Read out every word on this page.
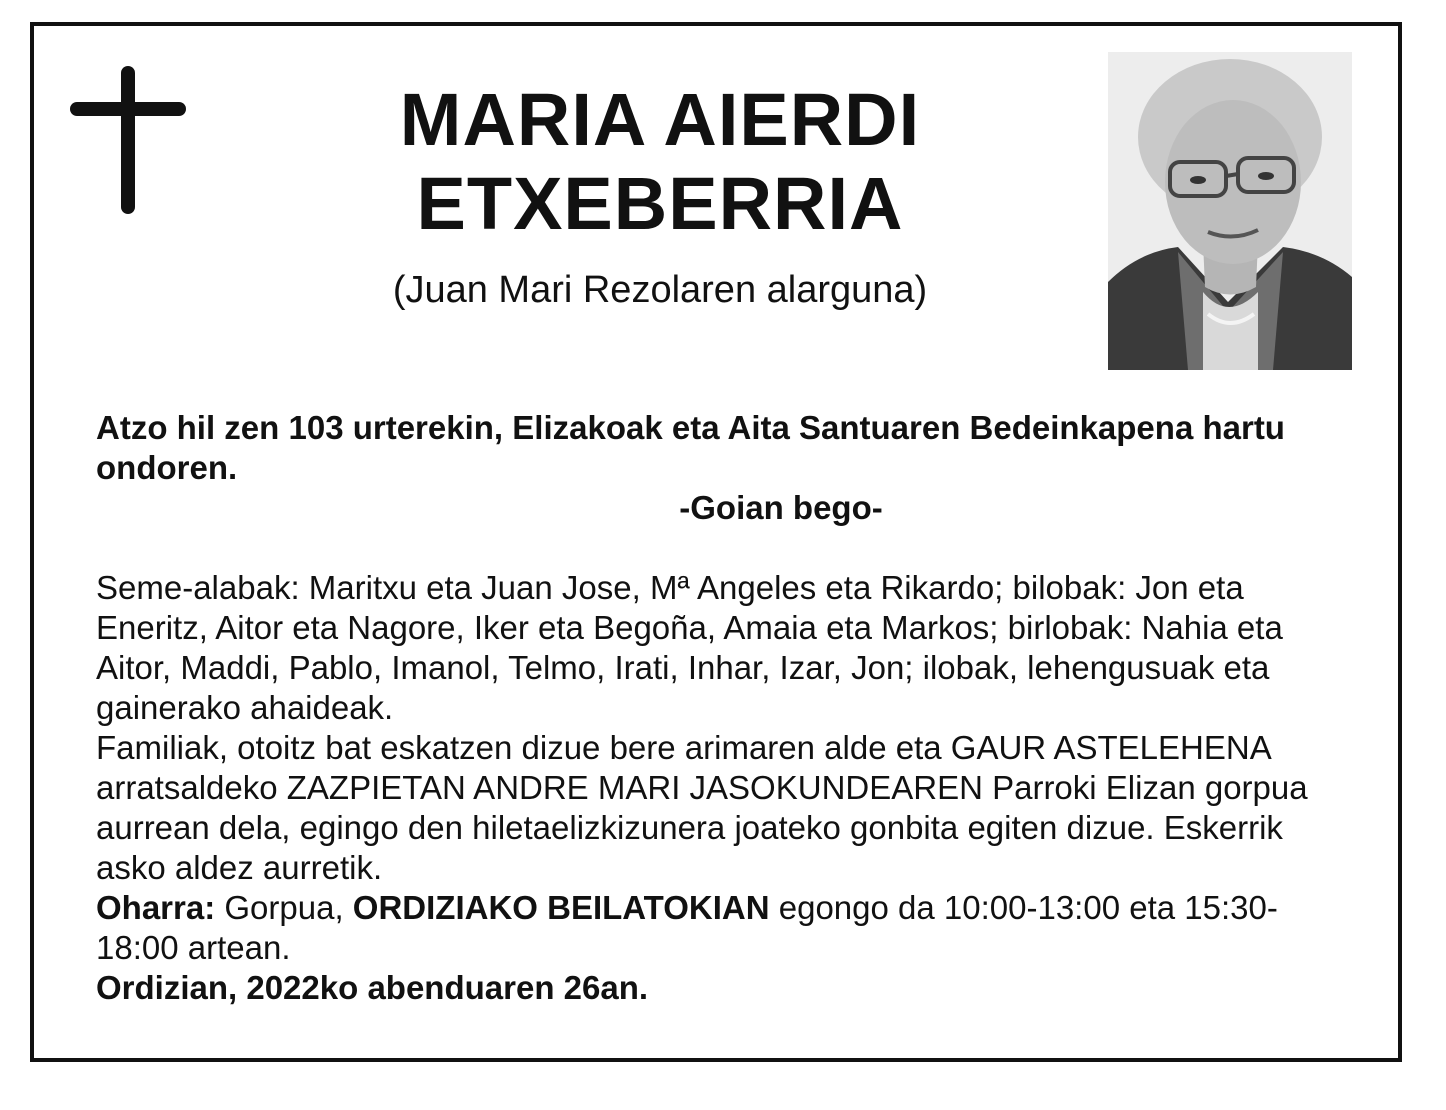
MARIA AIERDI
ETXEBERRIA
(Juan Mari Rezolaren alarguna)

Atzo hil zen 103 urterekin, Elizakoak eta Aita Santuaren Bedeinkapena hartu ondoren.

-Goian bego-

Seme-alabak: Maritxu eta Juan Jose, Mª Angeles eta Rikardo; bilobak: Jon eta Eneritz, Aitor eta Nagore, Iker eta Begoña, Amaia eta Markos; birlobak: Nahia eta Aitor, Maddi, Pablo, Imanol, Telmo, Irati, Inhar, Izar, Jon; ilobak, lehengusuak eta gainerako ahaideak.

Familiak, otoitz bat eskatzen dizue bere arimaren alde eta GAUR ASTELEHENA arratsaldeko ZAZPIETAN ANDRE MARI JASOKUNDEAREN Parroki Elizan gorpua aurrean dela, egingo den hiletaelizkizunera joateko gonbita egiten dizue. Eskerrik asko aldez aurretik.

Oharra: Gorpua, ORDIZIAKO BEILATOKIAN egongo da 10:00-13:00 eta 15:30-18:00 artean.

Ordizian, 2022ko abenduaren 26an.
